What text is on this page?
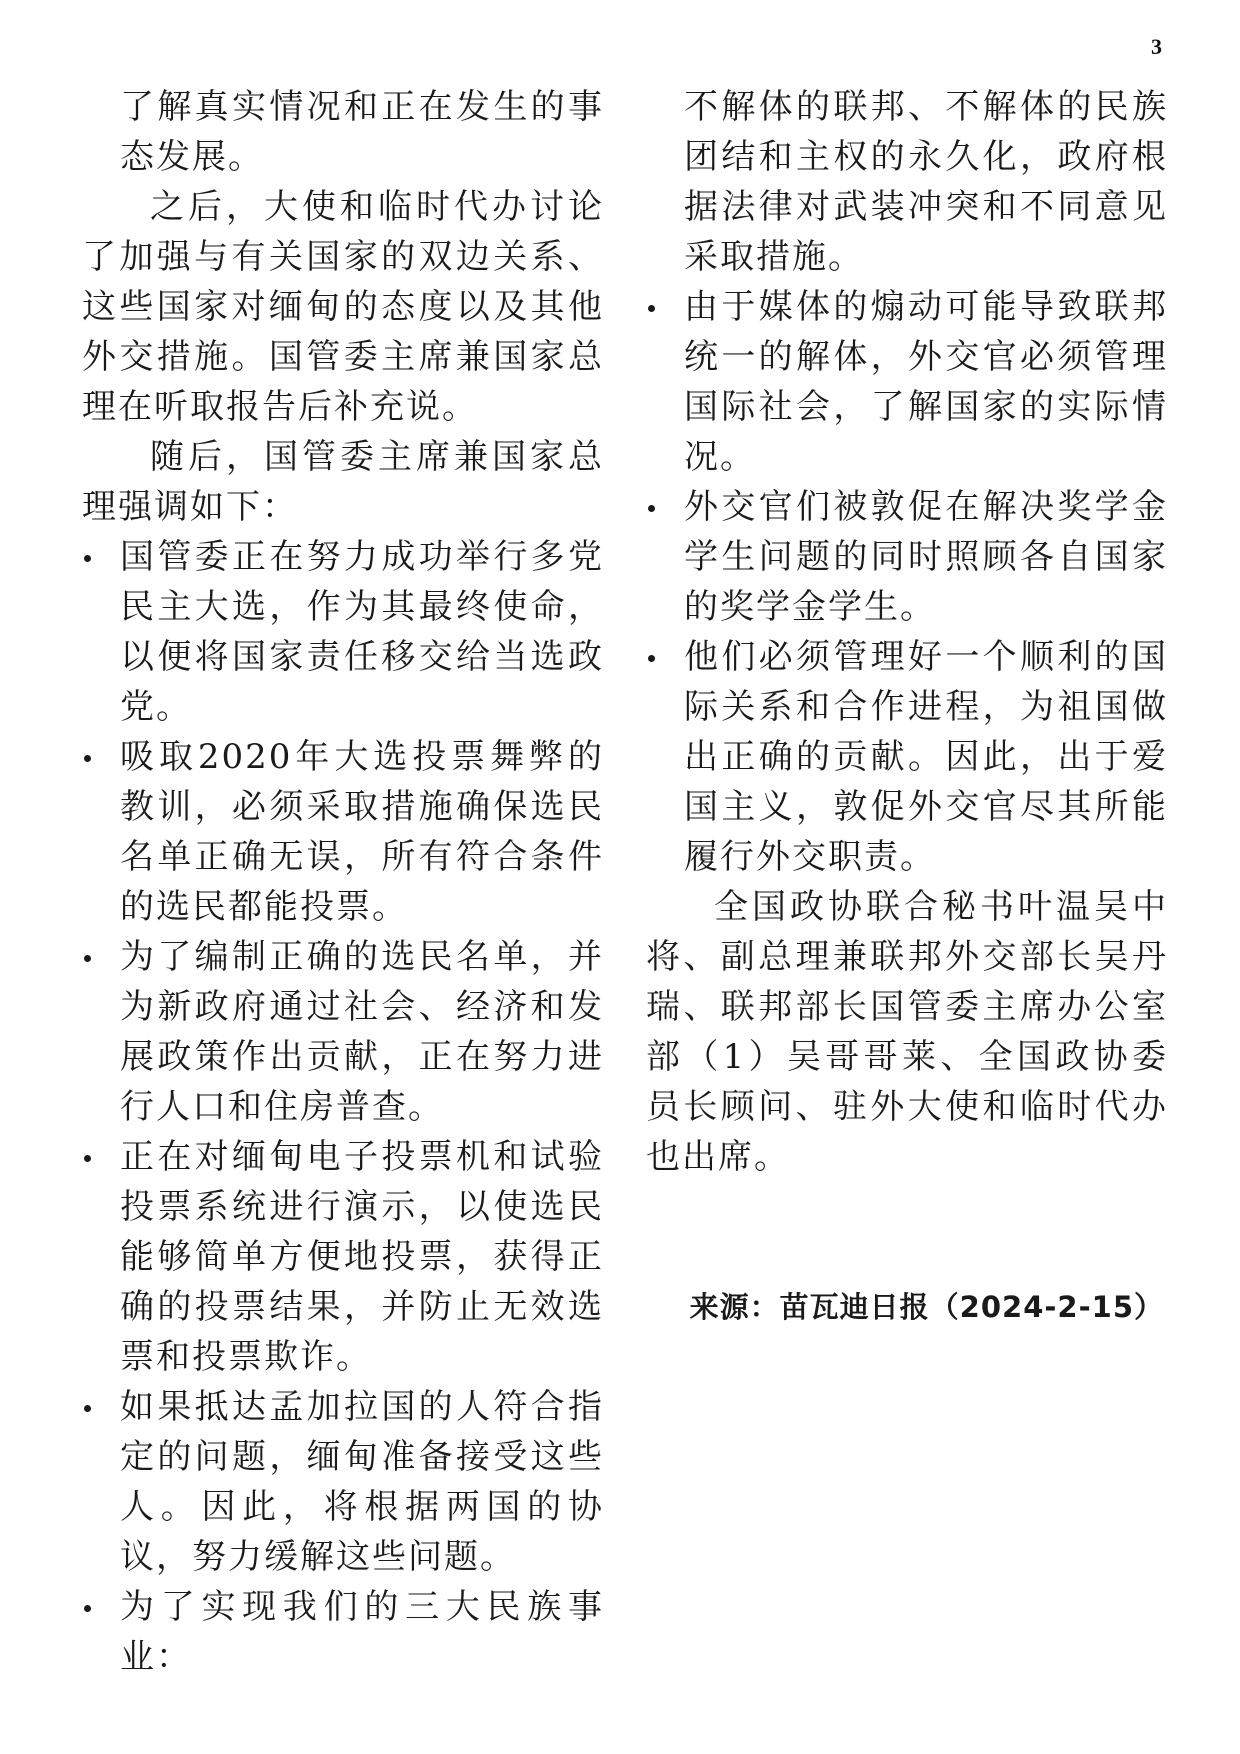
3

了解真实情况和正在发生的事态发展。

之后，大使和临时代办讨论了加强与有关国家的双边关系、这些国家对缅甸的态度以及其他外交措施。国管委主席兼国家总理在听取报告后补充说。

随后，国管委主席兼国家总理强调如下：

国管委正在努力成功举行多党民主大选，作为其最终使命，以便将国家责任移交给当选政党。
吸取2020年大选投票舞弊的教训，必须采取措施确保选民名单正确无误，所有符合条件的选民都能投票。
为了编制正确的选民名单，并为新政府通过社会、经济和发展政策作出贡献，正在努力进行人口和住房普查。
正在对缅甸电子投票机和试验投票系统进行演示，以使选民能够简单方便地投票，获得正确的投票结果，并防止无效选票和投票欺诈。
如果抵达孟加拉国的人符合指定的问题，缅甸准备接受这些人。因此，将根据两国的协议，努力缓解这些问题。
为了实现我们的三大民族事业：

不解体的联邦、不解体的民族团结和主权的永久化，政府根据法律对武装冲突和不同意见采取措施。

由于媒体的煽动可能导致联邦统一的解体，外交官必须管理国际社会，了解国家的实际情况。
外交官们被敦促在解决奖学金学生问题的同时照顾各自国家的奖学金学生。
他们必须管理好一个顺利的国际关系和合作进程，为祖国做出正确的贡献。因此，出于爱国主义，敦促外交官尽其所能履行外交职责。

全国政协联合秘书叶温吴中将、副总理兼联邦外交部长吴丹瑞、联邦部长国管委主席办公室部（1）吴哥哥莱、全国政协委员长顾问、驻外大使和临时代办也出席。

来源：苗瓦迪日报（2024-2-15）
